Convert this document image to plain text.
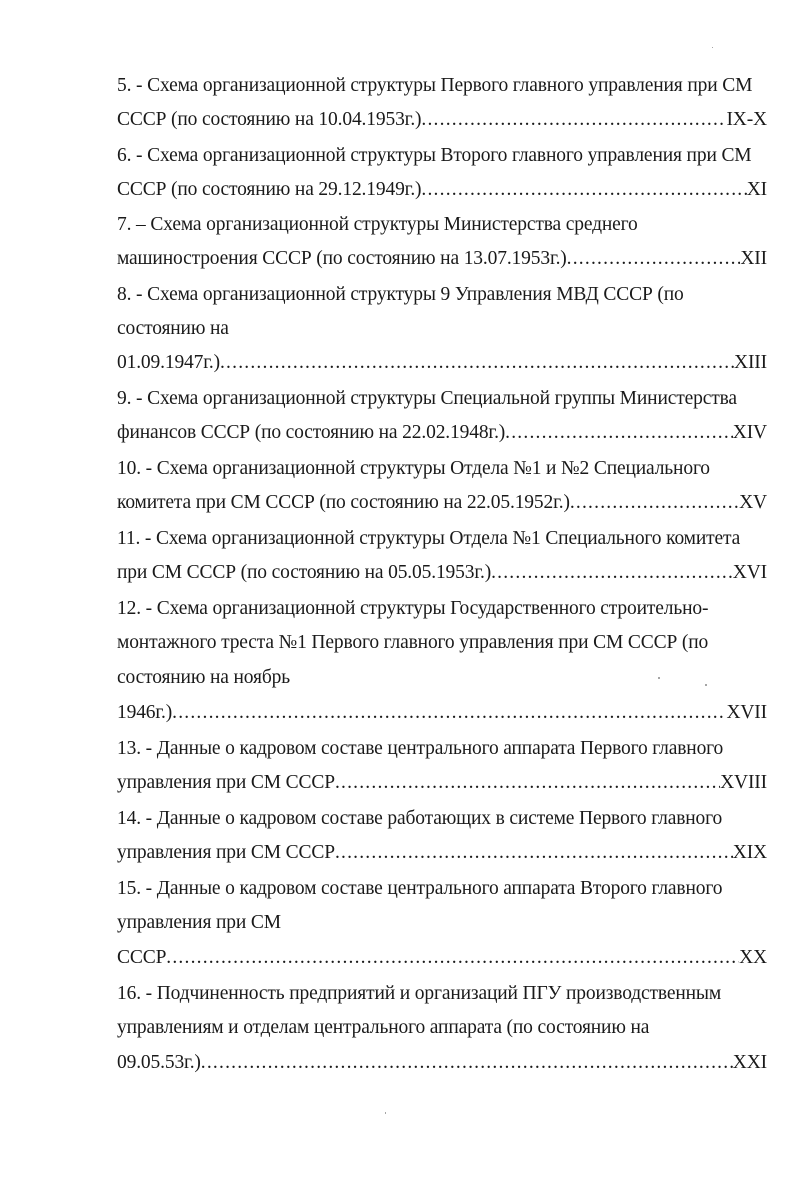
5. - Схема организационной структуры Первого главного управления при СМ
СССР (по состоянию на 10.04.1953г.) .....	IX-X
6. - Схема организационной структуры Второго главного управления при СМ
СССР (по состоянию на 29.12.1949г.) .....	XI
7. – Схема организационной структуры Министерства среднего
машиностроения СССР (по состоянию на 13.07.1953г.) .....	XII
8. - Схема организационной структуры 9 Управления МВД СССР (по
состоянию на
01.09.1947г.) .....	XIII
9. - Схема организационной структуры Специальной группы Министерства
финансов СССР (по состоянию на 22.02.1948г.) .....	XIV
10. - Схема организационной структуры Отдела №1 и №2 Специального
комитета при СМ СССР (по состоянию на 22.05.1952г.) .....	XV
11. - Схема организационной структуры Отдела №1 Специального комитета
при СМ СССР (по состоянию на 05.05.1953г.) .....	XVI
12. - Схема организационной структуры Государственного строительно-
монтажного треста №1 Первого главного управления при СМ СССР (по
состоянию на ноябрь
1946г.) .....	XVII
13. - Данные о кадровом составе центрального аппарата Первого главного
управления при СМ СССР .....	XVIII
14. - Данные о кадровом составе работающих в системе Первого главного
управления при СМ СССР .....	XIX
15. - Данные о кадровом составе центрального аппарата Второго главного
управления при СМ
СССР .....	XX
16. - Подчиненность предприятий и организаций ПГУ производственным
управлениям и отделам центрального аппарата (по состоянию на
09.05.53г.) .....	XXI
